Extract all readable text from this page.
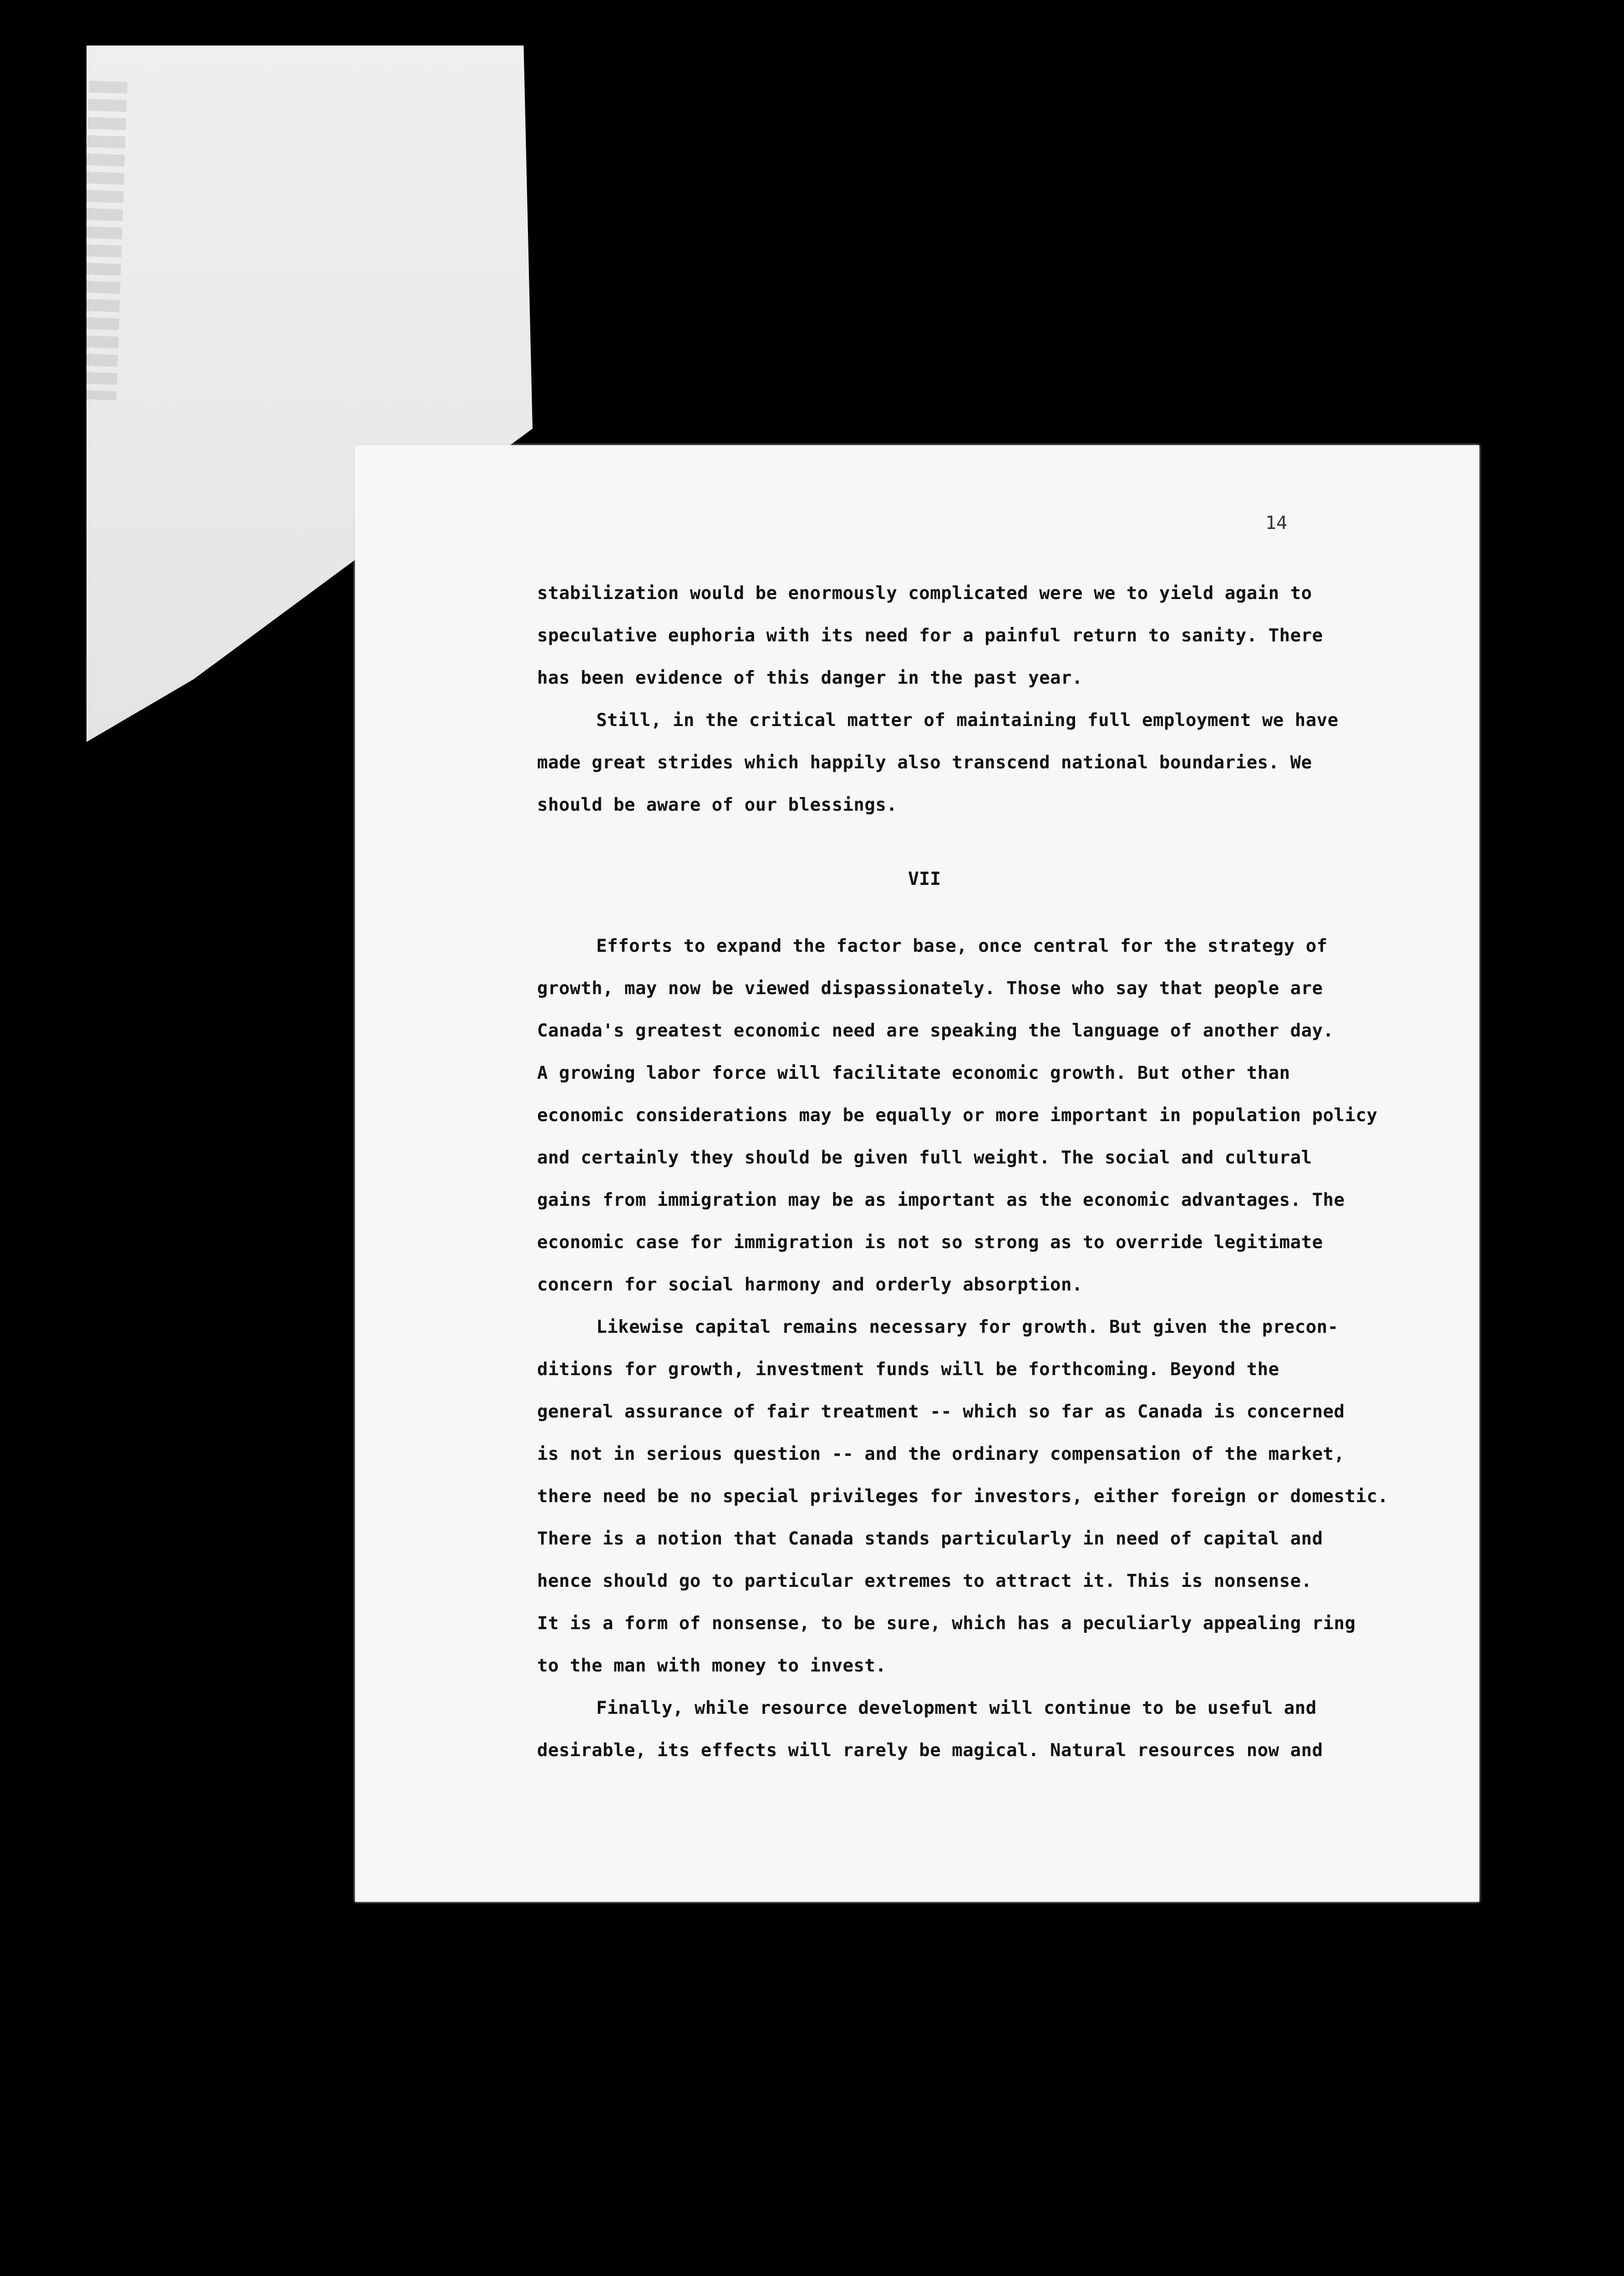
14
stabilization would be enormously complicated were we to yield again to
speculative euphoria with its need for a painful return to sanity. There
has been evidence of this danger in the past year.
Still, in the critical matter of maintaining full employment we have
made great strides which happily also transcend national boundaries. We
should be aware of our blessings.
VII
Efforts to expand the factor base, once central for the strategy of
growth, may now be viewed dispassionately. Those who say that people are
Canada's greatest economic need are speaking the language of another day.
A growing labor force will facilitate economic growth. But other than
economic considerations may be equally or more important in population policy
and certainly they should be given full weight. The social and cultural
gains from immigration may be as important as the economic advantages. The
economic case for immigration is not so strong as to override legitimate
concern for social harmony and orderly absorption.
Likewise capital remains necessary for growth. But given the precon-
ditions for growth, investment funds will be forthcoming. Beyond the
general assurance of fair treatment -- which so far as Canada is concerned
is not in serious question -- and the ordinary compensation of the market,
there need be no special privileges for investors, either foreign or domestic.
There is a notion that Canada stands particularly in need of capital and
hence should go to particular extremes to attract it. This is nonsense.
It is a form of nonsense, to be sure, which has a peculiarly appealing ring
to the man with money to invest.
Finally, while resource development will continue to be useful and
desirable, its effects will rarely be magical. Natural resources now and
